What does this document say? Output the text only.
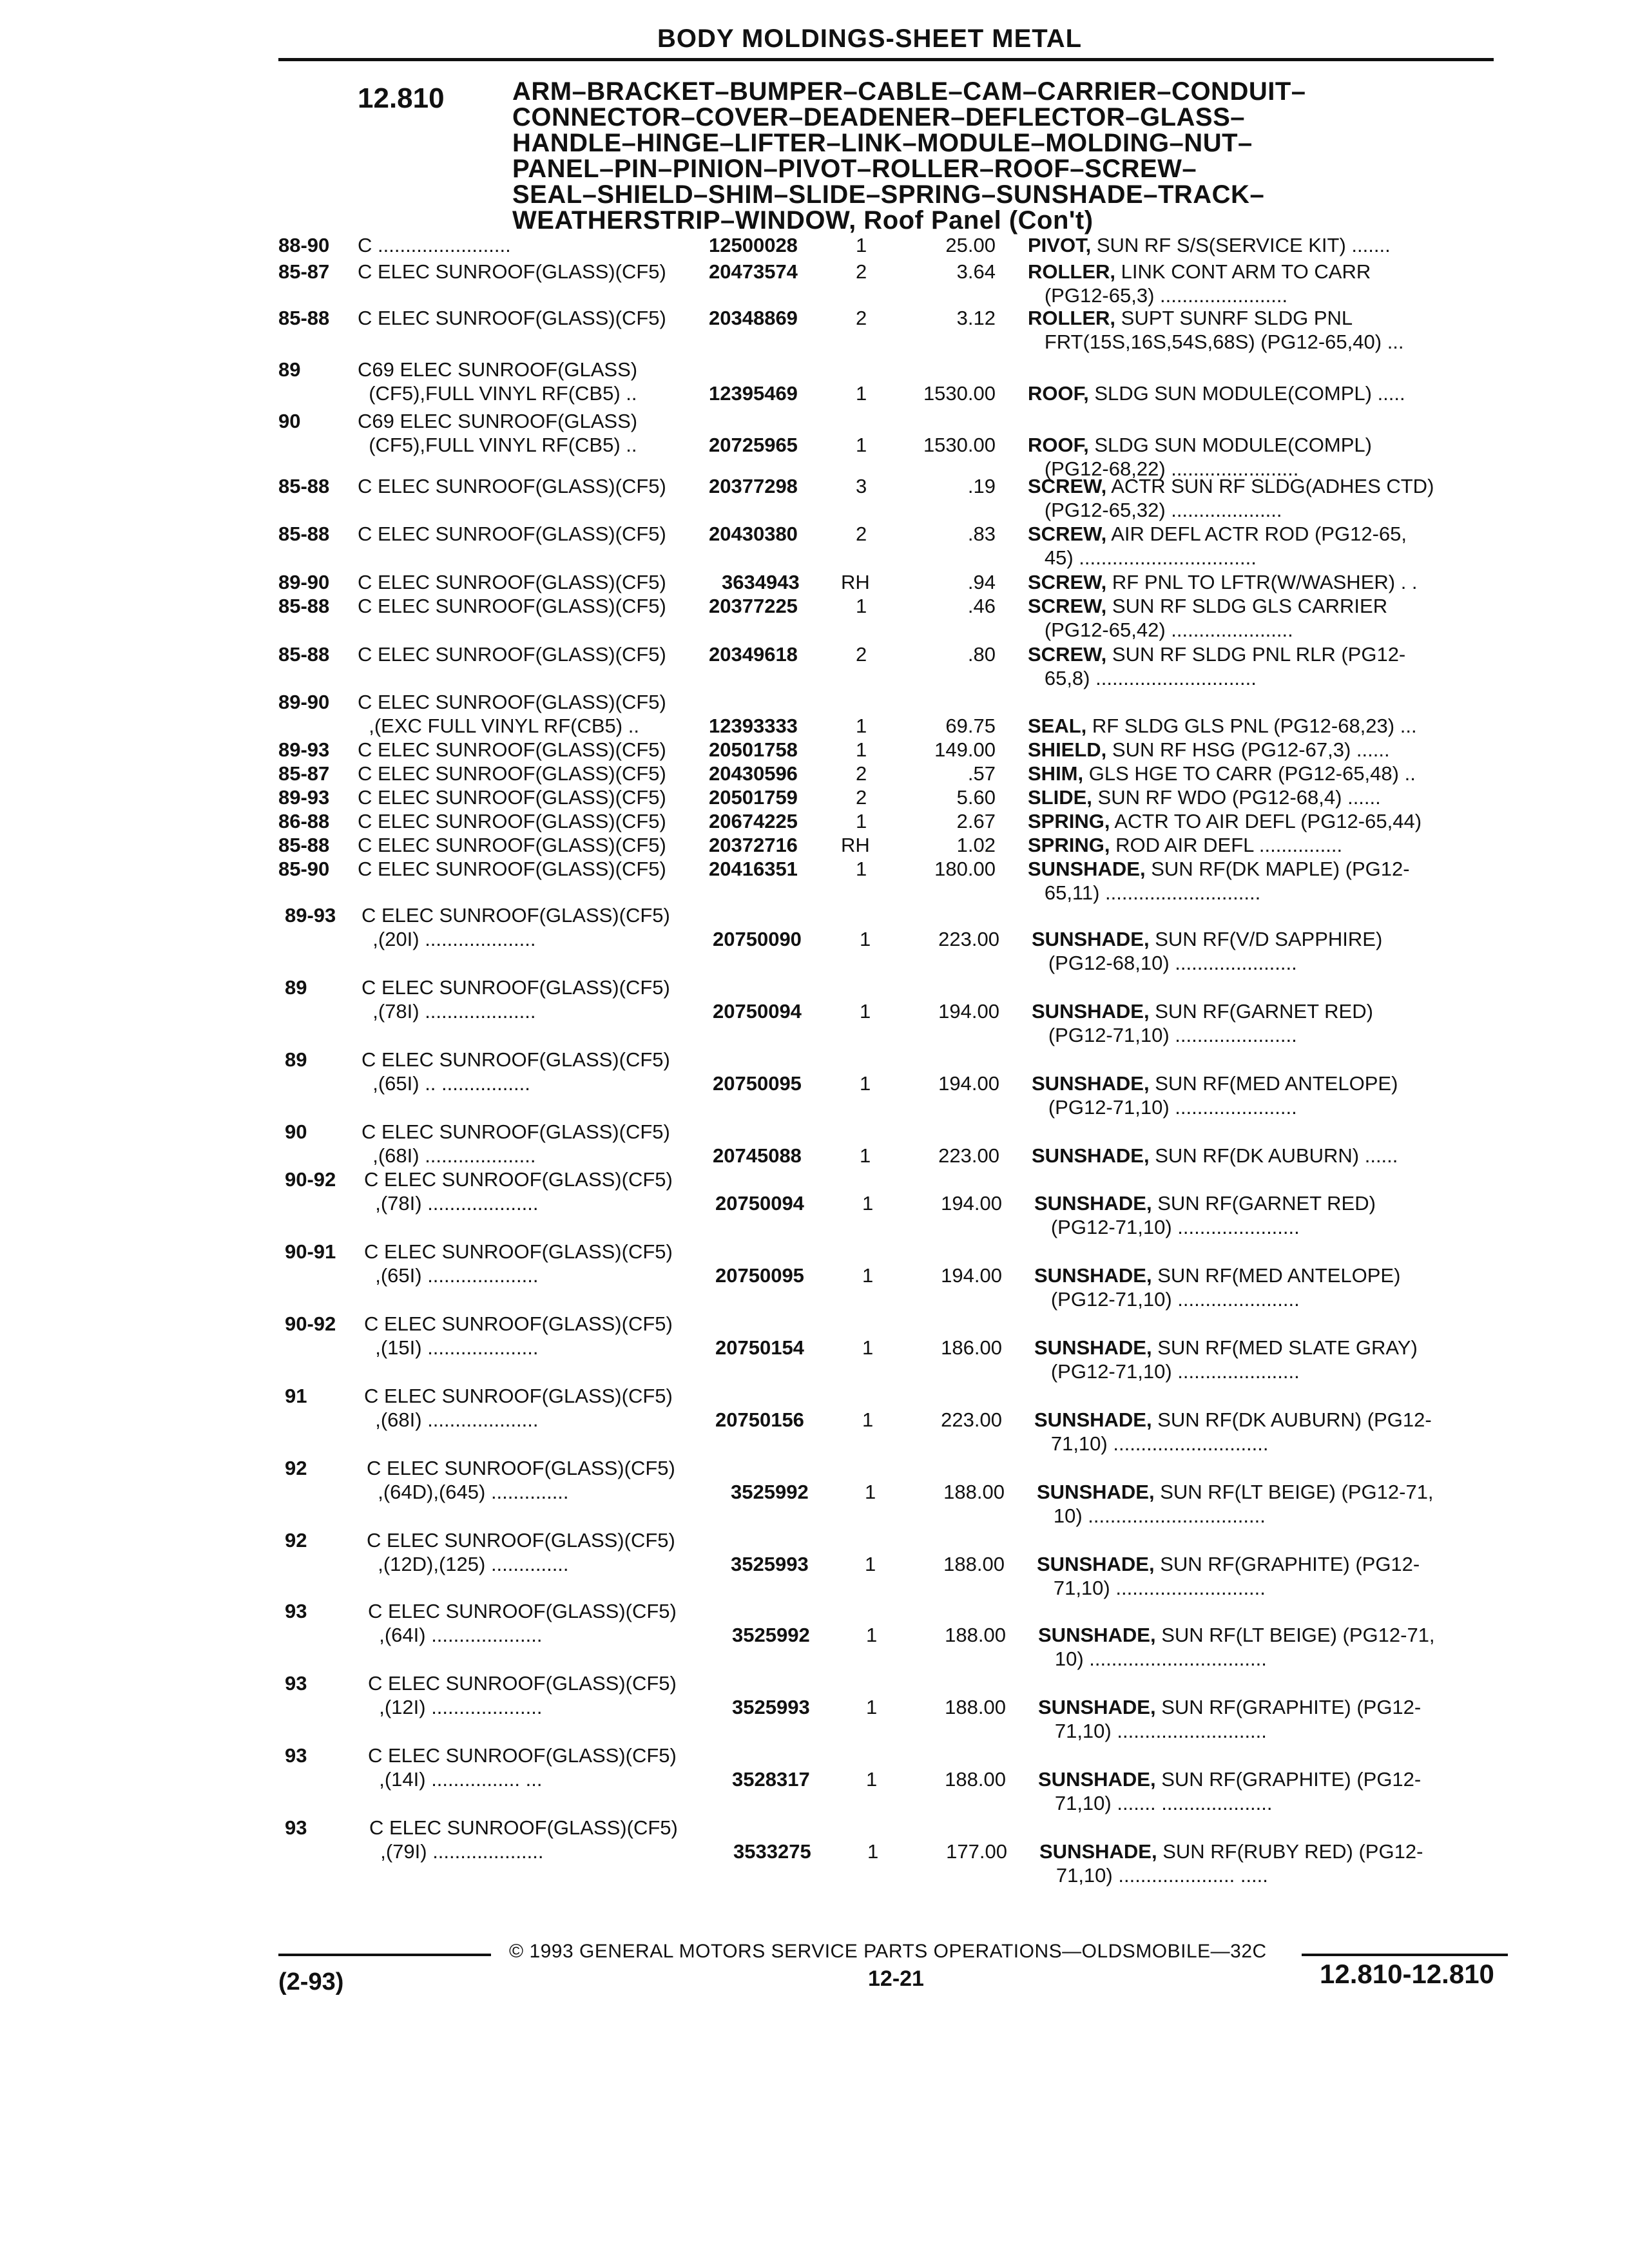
BODY MOLDINGS-SHEET METAL
12.810	ARM–BRACKET–BUMPER–CABLE–CAM–CARRIER–CONDUIT–
CONNECTOR–COVER–DEADENER–DEFLECTOR–GLASS–
HANDLE–HINGE–LIFTER–LINK–MODULE–MOLDING–NUT–
PANEL–PIN–PINION–PIVOT–ROLLER–ROOF–SCREW–
SEAL–SHIELD–SHIM–SLIDE–SPRING–SUNSHADE–TRACK–
WEATHERSTRIP–WINDOW, Roof Panel (Con't)
88-90 C ........................	12500028	1	25.00 PIVOT, SUN RF S/S(SERVICE KIT) .......
85-87 C ELEC SUNROOF(GLASS)(CF5) 20473574	2	3.64 ROLLER, LINK CONT ARM TO CARR
(PG12-65,3) .......................
85-88 C ELEC SUNROOF(GLASS)(CF5) 20348869	2	3.12 ROLLER, SUPT SUNRF SLDG PNL
FRT(15S,16S,54S,68S) (PG12-65,40) ...
89	C69 ELEC SUNROOF(GLASS)
(CF5),FULL VINYL RF(CB5) ..	12395469	1	1530.00 ROOF, SLDG SUN MODULE(COMPL) .....
90	C69 ELEC SUNROOF(GLASS)
(CF5),FULL VINYL RF(CB5) ..	20725965	1	1530.00 ROOF, SLDG SUN MODULE(COMPL)
(PG12-68,22) .......................
85-88 C ELEC SUNROOF(GLASS)(CF5) 20377298	3	.19 SCREW, ACTR SUN RF SLDG(ADHES CTD)
(PG12-65,32) ....................
85-88 C ELEC SUNROOF(GLASS)(CF5) 20430380	2	.83 SCREW, AIR DEFL ACTR ROD (PG12-65,
45) ................................
89-90 C ELEC SUNROOF(GLASS)(CF5)	3634943 RH	.94 SCREW, RF PNL TO LFTR(W/WASHER) . .
85-88 C ELEC SUNROOF(GLASS)(CF5) 20377225	1	.46 SCREW, SUN RF SLDG GLS CARRIER
(PG12-65,42) ......................
85-88 C ELEC SUNROOF(GLASS)(CF5) 20349618	2	.80 SCREW, SUN RF SLDG PNL RLR (PG12-
65,8) .............................
89-90 C ELEC SUNROOF(GLASS)(CF5)
,(EXC FULL VINYL RF(CB5) ..	12393333	1	69.75 SEAL, RF SLDG GLS PNL (PG12-68,23) ...
89-93 C ELEC SUNROOF(GLASS)(CF5) 20501758	1	149.00 SHIELD, SUN RF HSG (PG12-67,3) ......
85-87 C ELEC SUNROOF(GLASS)(CF5) 20430596	2	.57 SHIM, GLS HGE TO CARR (PG12-65,48) ..
89-93 C ELEC SUNROOF(GLASS)(CF5) 20501759	2	5.60 SLIDE, SUN RF WDO (PG12-68,4) ......
86-88 C ELEC SUNROOF(GLASS)(CF5) 20674225	1	2.67 SPRING, ACTR TO AIR DEFL (PG12-65,44)
85-88 C ELEC SUNROOF(GLASS)(CF5) 20372716 RH	1.02 SPRING, ROD AIR DEFL ...............
85-90 C ELEC SUNROOF(GLASS)(CF5) 20416351	1	180.00 SUNSHADE, SUN RF(DK MAPLE) (PG12-
65,11) ............................
89-93 C ELEC SUNROOF(GLASS)(CF5)
,(20I) ....................	20750090	1	223.00 SUNSHADE, SUN RF(V/D SAPPHIRE)
(PG12-68,10) ......................
89	C ELEC SUNROOF(GLASS)(CF5)
,(78I) ....................	20750094	1	194.00 SUNSHADE, SUN RF(GARNET RED)
(PG12-71,10) ......................
89	C ELEC SUNROOF(GLASS)(CF5)
,(65I) .. ................	20750095	1	194.00 SUNSHADE, SUN RF(MED ANTELOPE)
(PG12-71,10) ......................
90	C ELEC SUNROOF(GLASS)(CF5)
,(68I) ....................	20745088	1	223.00 SUNSHADE, SUN RF(DK AUBURN) ......
90-92 C ELEC SUNROOF(GLASS)(CF5)
,(78I) ....................	20750094	1	194.00 SUNSHADE, SUN RF(GARNET RED)
(PG12-71,10) ......................
90-91 C ELEC SUNROOF(GLASS)(CF5)
,(65I) ....................	20750095	1	194.00 SUNSHADE, SUN RF(MED ANTELOPE)
(PG12-71,10) ......................
90-92 C ELEC SUNROOF(GLASS)(CF5)
,(15I) ....................	20750154	1	186.00 SUNSHADE, SUN RF(MED SLATE GRAY)
(PG12-71,10) ......................
91	C ELEC SUNROOF(GLASS)(CF5)
,(68I) ....................	20750156	1	223.00 SUNSHADE, SUN RF(DK AUBURN) (PG12-
71,10) ............................
92	C ELEC SUNROOF(GLASS)(CF5)
,(64D),(645) ..............	3525992	1	188.00 SUNSHADE, SUN RF(LT BEIGE) (PG12-71,
10) ................................
92	C ELEC SUNROOF(GLASS)(CF5)
,(12D),(125) ..............	3525993	1	188.00 SUNSHADE, SUN RF(GRAPHITE) (PG12-
71,10) ...........................
93	C ELEC SUNROOF(GLASS)(CF5)
,(64I) ....................	3525992	1	188.00 SUNSHADE, SUN RF(LT BEIGE) (PG12-71,
10) ................................
93	C ELEC SUNROOF(GLASS)(CF5)
,(12I) ....................	3525993	1	188.00 SUNSHADE, SUN RF(GRAPHITE) (PG12-
71,10) ...........................
93	C ELEC SUNROOF(GLASS)(CF5)
,(14I) ................ ...	3528317	1	188.00 SUNSHADE, SUN RF(GRAPHITE) (PG12-
71,10) ....... ....................
93	C ELEC SUNROOF(GLASS)(CF5)
,(79I) ....................	3533275	1	177.00 SUNSHADE, SUN RF(RUBY RED) (PG12-
71,10) ..................... .....
© 1993 GENERAL MOTORS SERVICE PARTS OPERATIONS—OLDSMOBILE—32C
(2-93)	12-21	12.810-12.810
